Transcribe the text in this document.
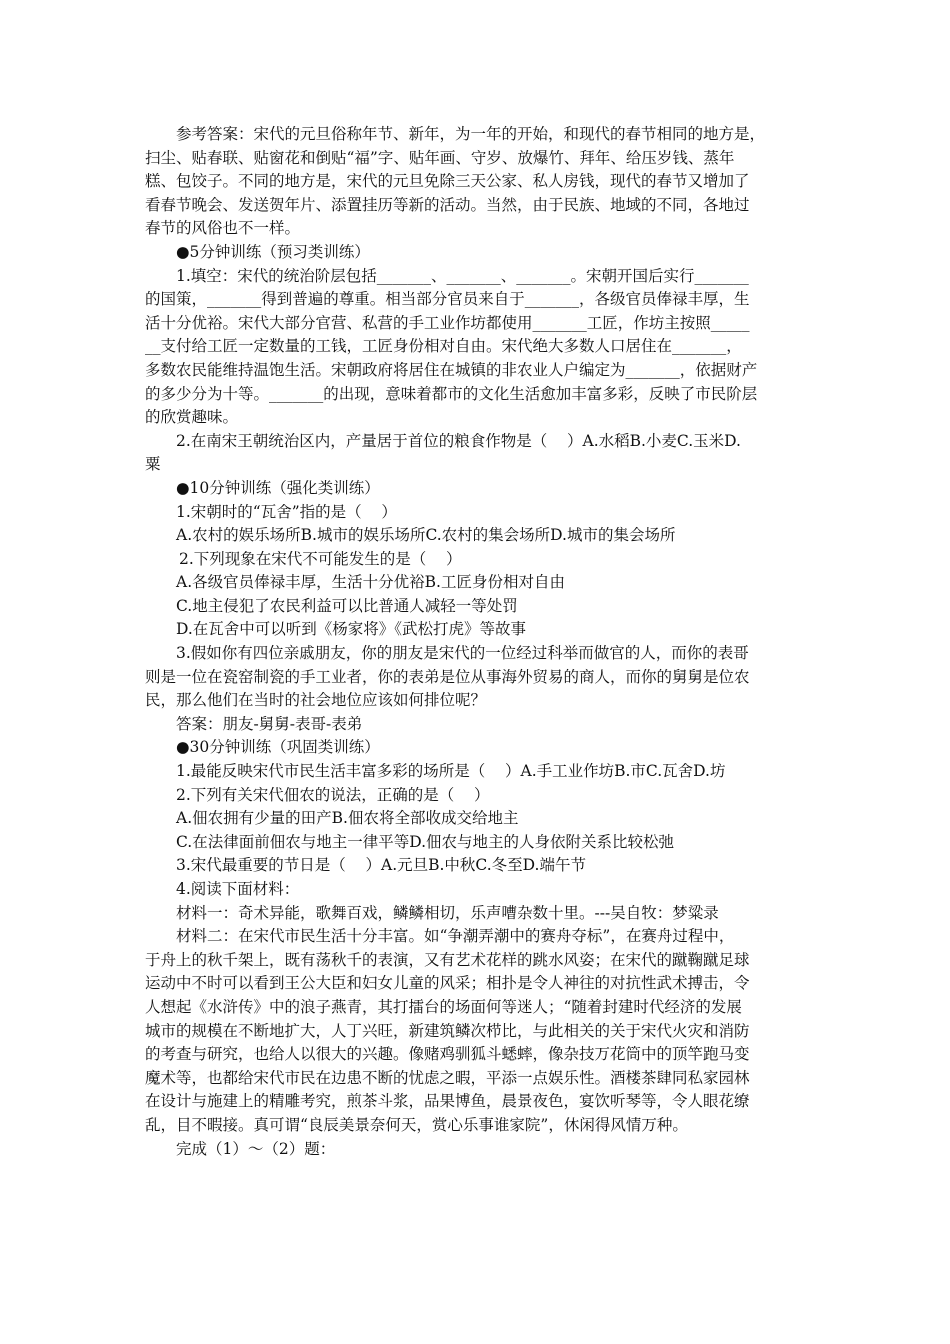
参考答案：宋代的元旦俗称年节、新年，为一年的开始，和现代的春节相同的地方是，
扫尘、贴春联、贴窗花和倒贴“福”字、贴年画、守岁、放爆竹、拜年、给压岁钱、蒸年
糕、包饺子。不同的地方是，宋代的元旦免除三天公家、私人房钱，现代的春节又增加了
看春节晚会、发送贺年片、添置挂历等新的活动。当然，由于民族、地域的不同，各地过
春节的风俗也不一样。
●5分钟训练（预习类训练）
1.填空：宋代的统治阶层包括_______、_______、_______。宋朝开国后实行_______
的国策，_______得到普遍的尊重。相当部分官员来自于_______，各级官员俸禄丰厚，生
活十分优裕。宋代大部分官营、私营的手工业作坊都使用_______工匠，作坊主按照_____
__支付给工匠一定数量的工钱，工匠身份相对自由。宋代绝大多数人口居住在_______，
多数农民能维持温饱生活。宋朝政府将居住在城镇的非农业人户编定为_______，依据财产
的多少分为十等。_______的出现，意味着都市的文化生活愈加丰富多彩，反映了市民阶层
的欣赏趣味。
2.在南宋王朝统治区内，产量居于首位的粮食作物是（    ）A.水稻B.小麦C.玉米D.
粟
●10分钟训练（强化类训练）
1.宋朝时的“瓦舍”指的是（    ）
A.农村的娱乐场所B.城市的娱乐场所C.农村的集会场所D.城市的集会场所
2.下列现象在宋代不可能发生的是（    ）
A.各级官员俸禄丰厚，生活十分优裕B.工匠身份相对自由
C.地主侵犯了农民利益可以比普通人减轻一等处罚
D.在瓦舍中可以听到《杨家将》《武松打虎》等故事
3.假如你有四位亲戚朋友，你的朋友是宋代的一位经过科举而做官的人，而你的表哥
则是一位在瓷窑制瓷的手工业者，你的表弟是位从事海外贸易的商人，而你的舅舅是位农
民，那么他们在当时的社会地位应该如何排位呢？
答案：朋友-舅舅-表哥-表弟
●30分钟训练（巩固类训练）
1.最能反映宋代市民生活丰富多彩的场所是（    ）A.手工业作坊B.市C.瓦舍D.坊
2.下列有关宋代佃农的说法，正确的是（    ）
A.佃农拥有少量的田产B.佃农将全部收成交给地主
C.在法律面前佃农与地主一律平等D.佃农与地主的人身依附关系比较松弛
3.宋代最重要的节日是（    ）A.元旦B.中秋C.冬至D.端午节
4.阅读下面材料：
材料一：奇术异能，歌舞百戏，鳞鳞相切，乐声嘈杂数十里。---吴自牧：梦粱录
材料二：在宋代市民生活十分丰富。如“争潮弄潮中的赛舟夺标”，在赛舟过程中，
于舟上的秋千架上，既有荡秋千的表演，又有艺术花样的跳水风姿；在宋代的蹴鞠蹴足球
运动中不时可以看到王公大臣和妇女儿童的风采；相扑是令人神往的对抗性武术搏击，令
人想起《水浒传》中的浪子燕青，其打擂台的场面何等迷人；“随着封建时代经济的发展
城市的规模在不断地扩大，人丁兴旺，新建筑鳞次栉比，与此相关的关于宋代火灾和消防
的考查与研究，也给人以很大的兴趣。像赌鸡驯狐斗蟋蟀，像杂技万花筒中的顶竿跑马变
魔术等，也都给宋代市民在边患不断的忧虑之暇，平添一点娱乐性。酒楼茶肆同私家园林
在设计与施建上的精雕考究，煎茶斗浆，品果博鱼，晨景夜色，宴饮听琴等，令人眼花缭
乱，目不暇接。真可谓“良辰美景奈何天，赏心乐事谁家院”，休闲得风情万种。
完成（1）～（2）题：
